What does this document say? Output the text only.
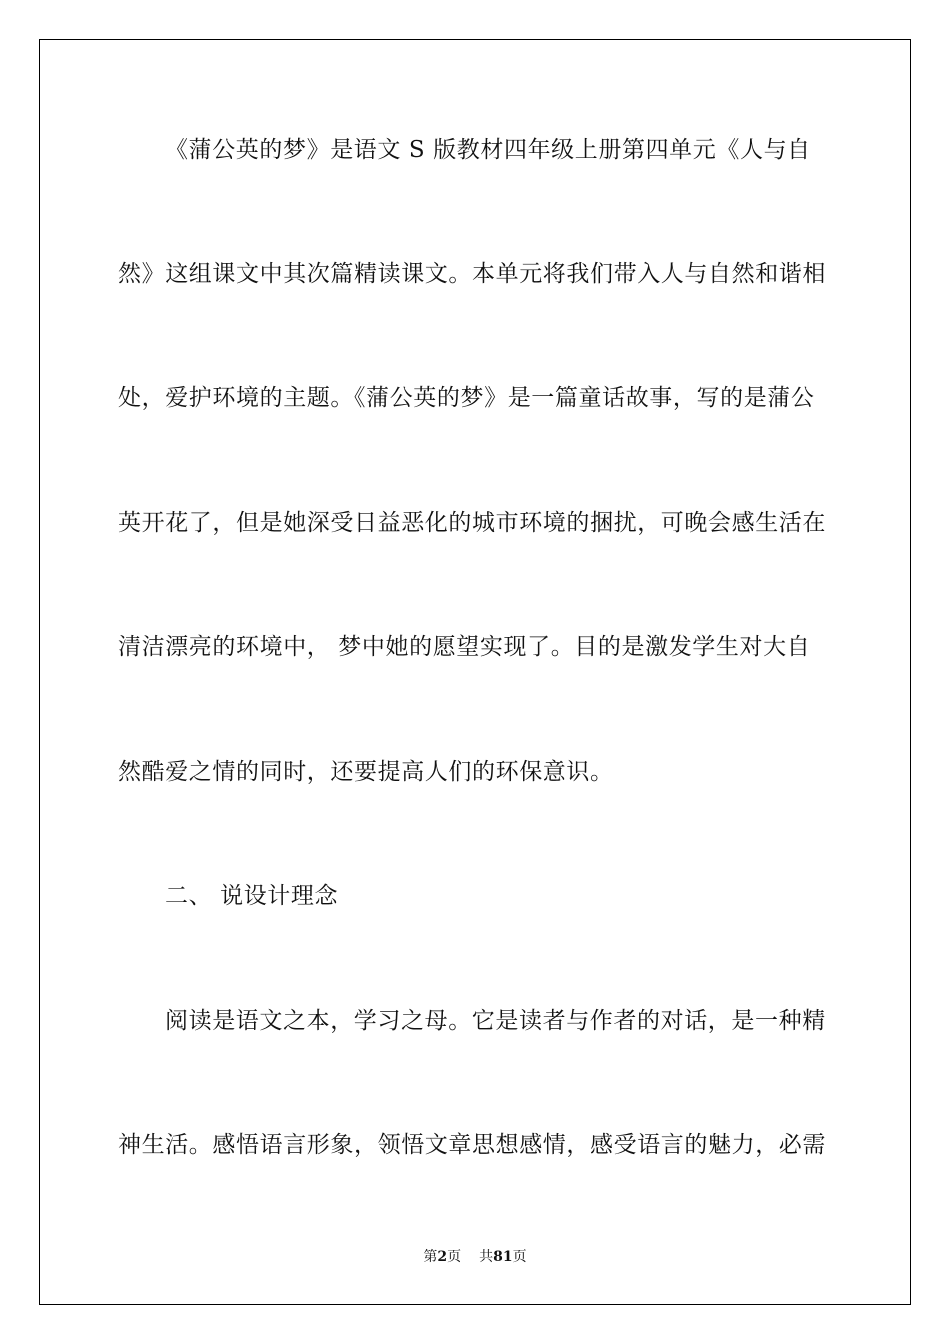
《蒲公英的梦》是语文 S 版教材四年级上册第四单元《人与自
然》这组课文中其次篇精读课文。本单元将我们带入人与自然和谐相
处，爱护环境的主题。《蒲公英的梦》是一篇童话故事，写的是蒲公
英开花了，但是她深受日益恶化的城市环境的捆扰，可晚会感生活在
清洁漂亮的环境中， 梦中她的愿望实现了。目的是激发学生对大自
然酷爱之情的同时，还要提高人们的环保意识。
二、 说设计理念
阅读是语文之本，学习之母。它是读者与作者的对话，是一种精
神生活。感悟语言形象，领悟文章思想感情，感受语言的魅力，必需
第2页 共81页
